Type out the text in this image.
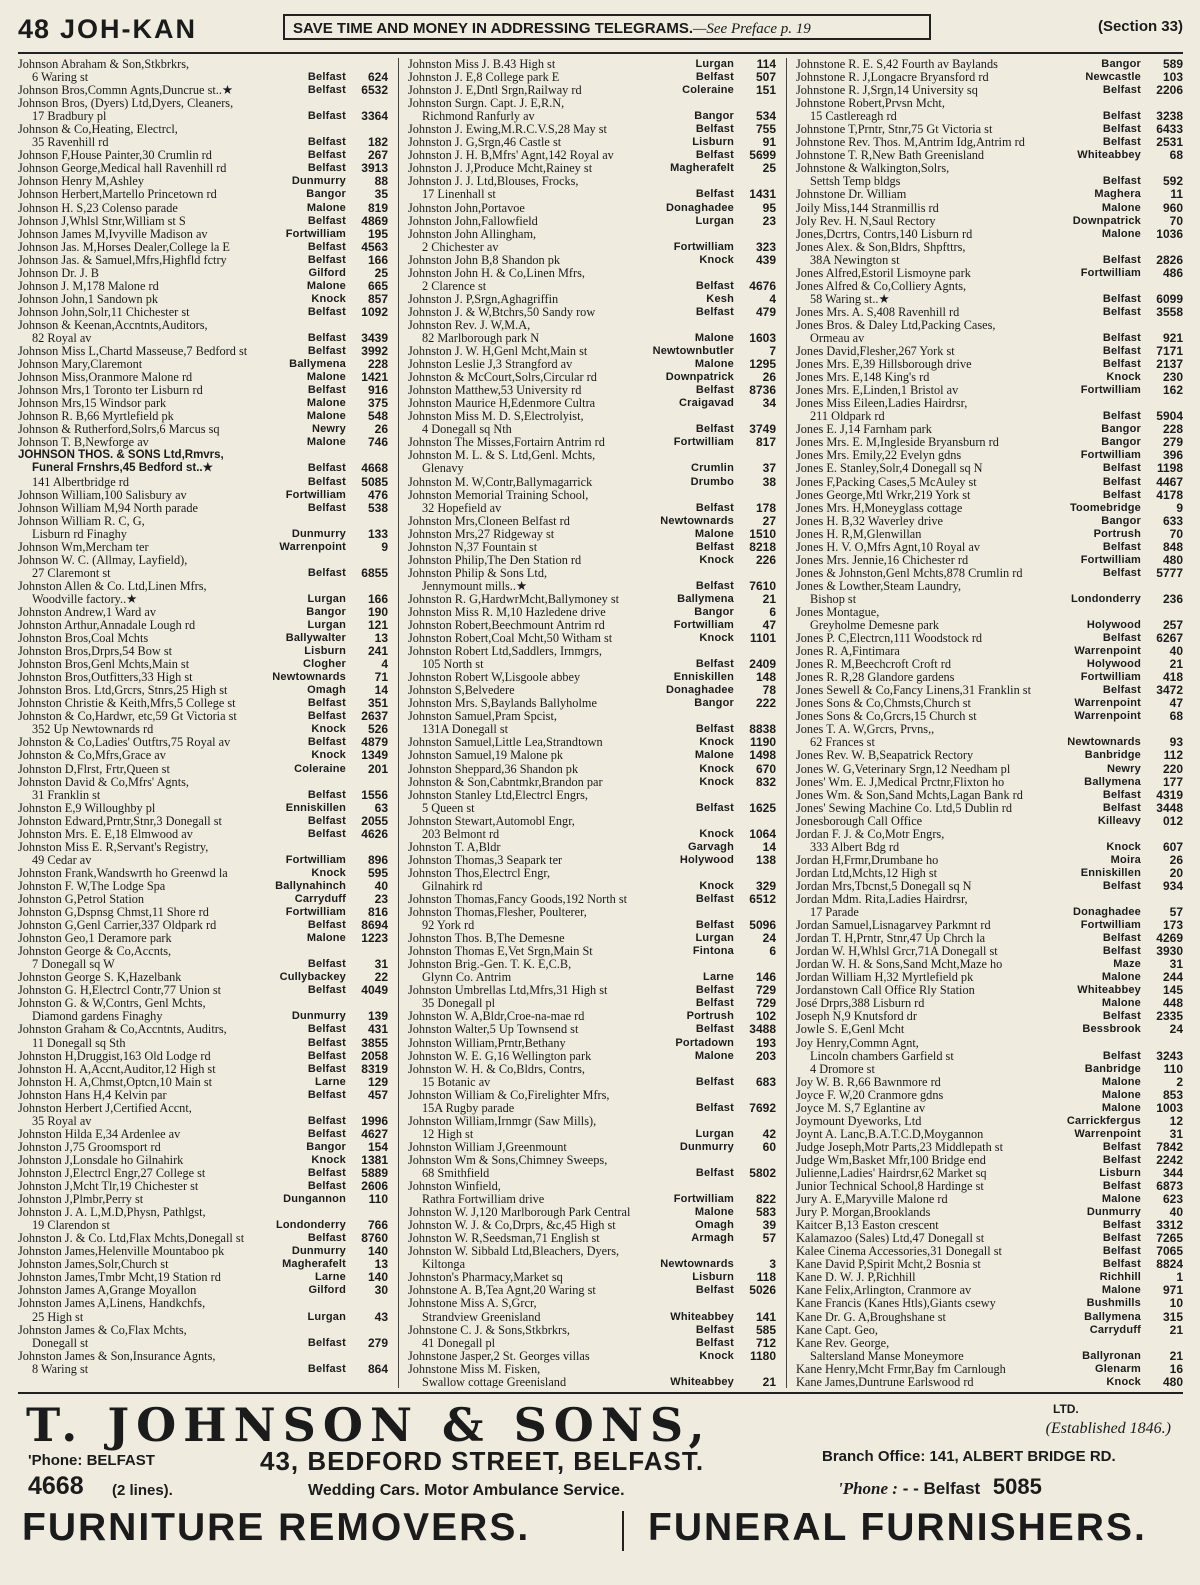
48 JOH-KAN	SAVE TIME AND MONEY IN ADDRESSING TELEGRAMS.—See Preface p. 19	(Section 33)
Johnson Abraham & Son,Stkbrkrs,
6 Waring st	Belfast	624
Johnson Bros,Commn Agnts,Duncrue st..★	Belfast	6532
Johnson Bros, (Dyers) Ltd,Dyers, Cleaners,
17 Bradbury pl	Belfast	3364
Johnson & Co,Heating, Electrcl,
35 Ravenhill rd	Belfast	182
Johnson F,House Painter,30 Crumlin rd	Belfast	267
Johnson George,Medical hall Ravenhill rd	Belfast	3913
Johnson Henry M,Ashley	Dunmurry	88
Johnson Herbert,Martello Princetown rd	Bangor	35
Johnson H. S,23 Colenso parade	Malone	819
Johnson J,Whlsl Stnr,William st S	Belfast	4869
Johnson James M,Ivyville Madison av	Fortwilliam	195
Johnson Jas. M,Horses Dealer,College la E	Belfast	4563
Johnson Jas. & Samuel,Mfrs,Highfld fctry	Belfast	166
Johnson Dr. J. B	Gilford	25
Johnson J. M,178 Malone rd	Malone	665
Johnson John,1 Sandown pk	Knock	857
Johnson John,Solr,11 Chichester st	Belfast	1092
Johnson & Keenan,Accntnts,Auditors,
82 Royal av	Belfast	3439
Johnson Miss L,Chartd Masseuse,7 Bedford st	Belfast	3992
Johnson Mary,Claremont	Ballymena	228
Johnson Miss,Oranmore Malone rd	Malone	1421
Johnson Mrs,1 Toronto ter Lisburn rd	Belfast	916
Johnson Mrs,15 Windsor park	Malone	375
Johnson R. B,66 Myrtlefield pk	Malone	548
Johnson & Rutherford,Solrs,6 Marcus sq	Newry	26
Johnson T. B,Newforge av	Malone	746
JOHNSON THOS. & SONS Ltd,Rmvrs,
Funeral Frnshrs,45 Bedford st..★	Belfast	4668
141 Albertbridge rd	Belfast	5085
Johnson William,100 Salisbury av	Fortwilliam	476
Johnson William M,94 North parade	Belfast	538
Johnson William R. C, G,
Lisburn rd Finaghy	Dunmurry	133
Johnson Wm,Mercham ter	Warrenpoint	9
Johnson W. C. (Allmay, Layfield),
27 Claremont st	Belfast	6855
Johnston Allen & Co. Ltd,Linen Mfrs,
Woodville factory..★	Lurgan	166
Johnston Andrew,1 Ward av	Bangor	190
Johnston Arthur,Annadale Lough rd	Lurgan	121
Johnston Bros,Coal Mchts	Ballywalter	13
Johnston Bros,Drprs,54 Bow st	Lisburn	241
Johnston Bros,Genl Mchts,Main st	Clogher	4
Johnston Bros,Outfitters,33 High st	Newtownards	71
Johnston Bros. Ltd,Grcrs, Stnrs,25 High st	Omagh	14
Johnston Christie & Keith,Mfrs,5 College st	Belfast	351
Johnston & Co,Hardwr, etc,59 Gt Victoria st	Belfast	2637
352 Up Newtownards rd	Knock	526
Johnston & Co,Ladies' Outftrs,75 Royal av	Belfast	4879
Johnston & Co,Mfrs,Grace av	Knock	1349
Johnston D,Flrst, Frtr,Queen st	Coleraine	201
Johnston David & Co,Mfrs' Agnts,
31 Franklin st	Belfast	1556
Johnston E,9 Willoughby pl	Enniskillen	63
Johnston Edward,Prntr,Stnr,3 Donegall st	Belfast	2055
Johnston Mrs. E. E,18 Elmwood av	Belfast	4626
Johnston Miss E. R,Servant's Registry,
49 Cedar av	Fortwilliam	896
Johnston Frank,Wandswrth ho Greenwd la	Knock	595
Johnston F. W,The Lodge Spa	Ballynahinch	40
Johnston G,Petrol Station	Carryduff	23
Johnston G,Dspnsg Chmst,11 Shore rd	Fortwilliam	816
Johnston G,Genl Carrier,337 Oldpark rd	Belfast	8694
Johnston Geo,1 Deramore park	Malone	1223
Johnston George & Co,Accnts,
7 Donegall sq W	Belfast	31
Johnston George S. K,Hazelbank	Cullybackey	22
Johnston G. H,Electrcl Contr,77 Union st	Belfast	4049
Johnston G. & W,Contrs, Genl Mchts,
Diamond gardens Finaghy	Dunmurry	139
Johnston Graham & Co,Accntnts, Auditrs,	Belfast	431
11 Donegall sq Sth	Belfast	3855
Johnston H,Druggist,163 Old Lodge rd	Belfast	2058
Johnston H. A,Accnt,Auditor,12 High st	Belfast	8319
Johnston H. A,Chmst,Optcn,10 Main st	Larne	129
Johnston Hans H,4 Kelvin par	Belfast	457
Johnston Herbert J,Certified Accnt,
35 Royal av	Belfast	1996
Johnston Hilda E,34 Ardenlee av	Belfast	4627
Johnston J,75 Groomsport rd	Bangor	154
Johnston J,Lonsdale ho Gilnahirk	Knock	1381
Johnston J,Electrcl Engr,27 College st	Belfast	5889
Johnston J,Mcht Tlr,19 Chichester st	Belfast	2606
Johnston J,Plmbr,Perry st	Dungannon	110
Johnston J. A. L,M.D,Physn, Pathlgst,
19 Clarendon st	Londonderry	766
Johnston J. & Co. Ltd,Flax Mchts,Donegall st	Belfast	8760
Johnston James,Helenville Mountaboo pk	Dunmurry	140
Johnston James,Solr,Church st	Magherafelt	13
Johnston James,Tmbr Mcht,19 Station rd	Larne	140
Johnston James A,Grange Moyallon	Gilford	30
Johnston James A,Linens, Handkchfs,
25 High st	Lurgan	43
Johnston James & Co,Flax Mchts,
Donegall st	Belfast	279
Johnston James & Son,Insurance Agnts,
8 Waring st	Belfast	864
Johnston Miss J. B.43 High st	Lurgan	114
Johnston J. E,8 College park E	Belfast	507
Johnston J. E,Dntl Srgn,Railway rd	Coleraine	151
Johnston Surgn. Capt. J. E,R.N,
Richmond Ranfurly av	Bangor	534
Johnston J. Ewing,M.R.C.V.S,28 May st	Belfast	755
Johnston J. G,Srgn,46 Castle st	Lisburn	91
Johnston J. H. B,Mfrs' Agnt,142 Royal av	Belfast	5699
Johnston J. J,Produce Mcht,Rainey st	Magherafelt	25
Johnston J. J. Ltd,Blouses, Frocks,
17 Linenhall st	Belfast	1431
Johnston John,Portavoe	Donaghadee	95
Johnston John,Fallowfield	Lurgan	23
Johnston John Allingham,
2 Chichester av	Fortwilliam	323
Johnston John B,8 Shandon pk	Knock	439
Johnston John H. & Co,Linen Mfrs,
2 Clarence st	Belfast	4676
Johnston J. P,Srgn,Aghagriffin	Kesh	4
Johnston J. & W,Btchrs,50 Sandy row	Belfast	479
Johnston Rev. J. W,M.A,
82 Marlborough park N	Malone	1603
Johnston J. W. H,Genl Mcht,Main st	Newtownbutler	7
Johnston Leslie J,3 Strangford av	Malone	1295
Johnston & McCourt,Solrs,Circular rd	Downpatrick	26
Johnston Matthew,53 University rd	Belfast	8736
Johnston Maurice H,Edenmore Cultra	Craigavad	34
Johnston Miss M. D. S,Electrolyist,
4 Donegall sq Nth	Belfast	3749
Johnston The Misses,Fortairn Antrim rd	Fortwilliam	817
Johnston M. L. & S. Ltd,Genl. Mchts,
Glenavy	Crumlin	37
Johnston M. W,Contr,Ballymagarrick	Drumbo	38
Johnston Memorial Training School,
32 Hopefield av	Belfast	178
Johnston Mrs,Cloneen Belfast rd	Newtownards	27
Johnston Mrs,27 Ridgeway st	Malone	1510
Johnston N,37 Fountain st	Belfast	8218
Johnston Philip,The Den Station rd	Knock	226
Johnston Philip & Sons Ltd,
Jennymount mills..★	Belfast	7610
Johnston R. G,HardwrMcht,Ballymoney st	Ballymena	21
Johnston Miss R. M,10 Hazledene drive	Bangor	6
Johnston Robert,Beechmount Antrim rd	Fortwilliam	47
Johnston Robert,Coal Mcht,50 Witham st	Knock	1101
Johnston Robert Ltd,Saddlers, Irnmgrs,
105 North st	Belfast	2409
Johnston Robert W,Lisgoole abbey	Enniskillen	148
Johnston S,Belvedere	Donaghadee	78
Johnston Mrs. S,Baylands Ballyholme	Bangor	222
Johnston Samuel,Pram Spcist,
131A Donegall st	Belfast	8838
Johnston Samuel,Little Lea,Strandtown	Knock	1190
Johnston Samuel,19 Malone pk	Malone	1498
Johnston Sheppard,36 Shandon pk	Knock	670
Johnston & Son,Cabntmkr,Brandon par	Knock	832
Johnston Stanley Ltd,Electrcl Engrs,
5 Queen st	Belfast	1625
Johnston Stewart,Automobl Engr,
203 Belmont rd	Knock	1064
Johnston T. A,Bldr	Garvagh	14
Johnston Thomas,3 Seapark ter	Holywood	138
Johnston Thos,Electrcl Engr,
Gilnahirk rd	Knock	329
Johnston Thomas,Fancy Goods,192 North st	Belfast	6512
Johnston Thomas,Flesher, Poulterer,
92 York rd	Belfast	5096
Johnston Thos. B,The Demesne	Lurgan	24
Johnston Thomas E,Vet Srgn,Main St	Fintona	6
Johnston Brig.-Gen. T. K. E,C.B,
Glynn Co. Antrim	Larne	146
Johnston Umbrellas Ltd,Mfrs,31 High st	Belfast	729
35 Donegall pl	Belfast	729
Johnston W. A,Bldr,Croe-na-mae rd	Portrush	102
Johnston Walter,5 Up Townsend st	Belfast	3488
Johnston William,Prntr,Bethany	Portadown	193
Johnston W. E. G,16 Wellington park	Malone	203
Johnston W. H. & Co,Bldrs, Contrs,
15 Botanic av	Belfast	683
Johnston William & Co,Firelighter Mfrs,
15A Rugby parade	Belfast	7692
Johnston William,Irnmgr (Saw Mills),
12 High st	Lurgan	42
Johnston William J,Greenmount	Dunmurry	60
Johnston Wm & Sons,Chimney Sweeps,
68 Smithfield	Belfast	5802
Johnston Winfield,
Rathra Fortwilliam drive	Fortwilliam	822
Johnston W. J,120 Marlborough Park Central	Malone	583
Johnston W. J. & Co,Drprs, &c,45 High st	Omagh	39
Johnston W. R,Seedsman,71 English st	Armagh	57
Johnston W. Sibbald Ltd,Bleachers, Dyers,
Kiltonga	Newtownards	3
Johnston's Pharmacy,Market sq	Lisburn	118
Johnstone A. B,Tea Agnt,20 Waring st	Belfast	5026
Johnstone Miss A. S,Grcr,
Strandview Greenisland	Whiteabbey	141
Johnstone C. J. & Sons,Stkbrkrs,	Belfast	585
41 Donegall pl	Belfast	712
Johnstone Jasper,2 St. Georges villas	Knock	1180
Johnstone Miss M. Fisken,
Swallow cottage Greenisland	Whiteabbey	21
Johnstone R. E. S,42 Fourth av Baylands	Bangor	589
Johnstone R. J,Longacre Bryansford rd	Newcastle	103
Johnstone R. J,Srgn,14 University sq	Belfast	2206
Johnstone Robert,Prvsn Mcht,
15 Castlereagh rd	Belfast	3238
Johnstone T,Prntr, Stnr,75 Gt Victoria st	Belfast	6433
Johnstone Rev. Thos. M,Antrim Idg,Antrim rd	Belfast	2531
Johnstone T. R,New Bath Greenisland	Whiteabbey	68
Johnstone & Walkington,Solrs,
Settsh Temp bldgs	Belfast	592
Johnstone Dr. William	Maghera	11
Joily Miss,144 Stranmillis rd	Malone	960
Joly Rev. H. N,Saul Rectory	Downpatrick	70
Jones,Dcrtrs, Contrs,140 Lisburn rd	Malone	1036
Jones Alex. & Son,Bldrs, Shpfttrs,
38A Newington st	Belfast	2826
Jones Alfred,Estoril Lismoyne park	Fortwilliam	486
Jones Alfred & Co,Colliery Agnts,
58 Waring st..★	Belfast	6099
Jones Mrs. A. S,408 Ravenhill rd	Belfast	3558
Jones Bros. & Daley Ltd,Packing Cases,
Ormeau av	Belfast	921
Jones David,Flesher,267 York st	Belfast	7171
Jones Mrs. E,39 Hillsborough drive	Belfast	2137
Jones Mrs. E,148 King's rd	Knock	230
Jones Mrs. E,Linden,1 Bristol av	Fortwilliam	162
Jones Miss Eileen,Ladies Hairdrsr,
211 Oldpark rd	Belfast	5904
Jones E. J,14 Farnham park	Bangor	228
Jones Mrs. E. M,Ingleside Bryansburn rd	Bangor	279
Jones Mrs. Emily,22 Evelyn gdns	Fortwilliam	396
Jones E. Stanley,Solr,4 Donegall sq N	Belfast	1198
Jones F,Packing Cases,5 McAuley st	Belfast	4467
Jones George,Mtl Wrkr,219 York st	Belfast	4178
Jones Mrs. H,Moneyglass cottage	Toomebridge	9
Jones H. B,32 Waverley drive	Bangor	633
Jones H. R,M,Glenwillan	Portrush	70
Jones H. V. O,Mfrs Agnt,10 Royal av	Belfast	848
Jones Mrs. Jennie,16 Chichester rd	Fortwilliam	480
Jones & Johnston,Genl Mchts,878 Crumlin rd	Belfast	5777
Jones & Lowther,Steam Laundry,
Bishop st	Londonderry	236
Jones Montague,
Greyholme Demesne park	Holywood	257
Jones P. C,Electrcn,111 Woodstock rd	Belfast	6267
Jones R. A,Fintimara	Warrenpoint	40
Jones R. M,Beechcroft Croft rd	Holywood	21
Jones R. R,28 Glandore gardens	Fortwilliam	418
Jones Sewell & Co,Fancy Linens,31 Franklin st	Belfast	3472
Jones Sons & Co,Chmsts,Church st	Warrenpoint	47
Jones Sons & Co,Grcrs,15 Church st	Warrenpoint	68
Jones T. A. W,Grcrs, Prvns,,
62 Frances st	Newtownards	93
Jones Rev. W. B,Seapatrick Rectory	Banbridge	112
Jones W. G,Veterinary Srgn,12 Needham pl	Newry	220
Jones' Wm. E. J,Medical Prctnr,Flixton ho	Ballymena	177
Jones Wm. & Son,Sand Mchts,Lagan Bank rd	Belfast	4319
Jones' Sewing Machine Co. Ltd,5 Dublin rd	Belfast	3448
Jonesborough Call Office	Killeavy	012
Jordan F. J. & Co,Motr Engrs,
333 Albert Bdg rd	Knock	607
Jordan H,Frmr,Drumbane ho	Moira	26
Jordan Ltd,Mchts,12 High st	Enniskillen	20
Jordan Mrs,Tbcnst,5 Donegall sq N	Belfast	934
Jordan Mdm. Rita,Ladies Hairdrsr,
17 Parade	Donaghadee	57
Jordan Samuel,Lisnagarvey Parkmnt rd	Fortwilliam	173
Jordan T. H,Prntr, Stnr,47 Up Chrch la	Belfast	4269
Jordan W. H,Whlsl Grcr,71A Donegall st	Belfast	3930
Jordan W. H. & Sons,Sand Mcht,Maze ho	Maze	31
Jordan William H,32 Myrtlefield pk	Malone	244
Jordanstown Call Office Rly Station	Whiteabbey	145
José Drprs,388 Lisburn rd	Malone	448
Joseph N,9 Knutsford dr	Belfast	2335
Jowle S. E,Genl Mcht	Bessbrook	24
Joy Henry,Commn Agnt,
Lincoln chambers Garfield st	Belfast	3243
4 Dromore st	Banbridge	110
Joy W. B. R,66 Bawnmore rd	Malone	2
Joyce F. W,20 Cranmore gdns	Malone	853
Joyce M. S,7 Eglantine av	Malone	1003
Joymount Dyeworks, Ltd	Carrickfergus	12
Joynt A. Lanc,B.A.T.C.D,Moygannon	Warrenpoint	31
Judge Joseph,Motr Parts,23 Middlepath st	Belfast	7842
Judge Wm,Basket Mfr,100 Bridge end	Belfast	2242
Julienne,Ladies' Hairdrsr,62 Market sq	Lisburn	344
Junior Technical School,8 Hardinge st	Belfast	6873
Jury A. E,Maryville Malone rd	Malone	623
Jury P. Morgan,Brooklands	Dunmurry	40
Kaitcer B,13 Easton crescent	Belfast	3312
Kalamazoo (Sales) Ltd,47 Donegall st	Belfast	7265
Kalee Cinema Accessories,31 Donegall st	Belfast	7065
Kane David P,Spirit Mcht,2 Bosnia st	Belfast	8824
Kane D. W. J. P,Richhill	Richhill	1
Kane Felix,Arlington, Cranmore av	Malone	971
Kane Francis (Kanes Htls),Giants csewy	Bushmills	10
Kane Dr. G. A,Broughshane st	Ballymena	315
Kane Capt. Geo,	Carryduff	21
Kane Rev. George,
Saltersland Manse Moneymore	Ballyronan	21
Kane Henry,Mcht Frmr,Bay fm Carnlough	Glenarm	16
Kane James,Duntrune Earlswood rd	Knock	480
T. JOHNSON & SONS,	LTD.
(Established 1846.)
'Phone: BELFAST	43, BEDFORD STREET, BELFAST.	Branch Office: 141, ALBERT BRIDGE RD.
4668 (2 lines).	Wedding Cars. Motor Ambulance Service.	'Phone : - - Belfast 5085
FURNITURE REMOVERS.	FUNERAL FURNISHERS.
